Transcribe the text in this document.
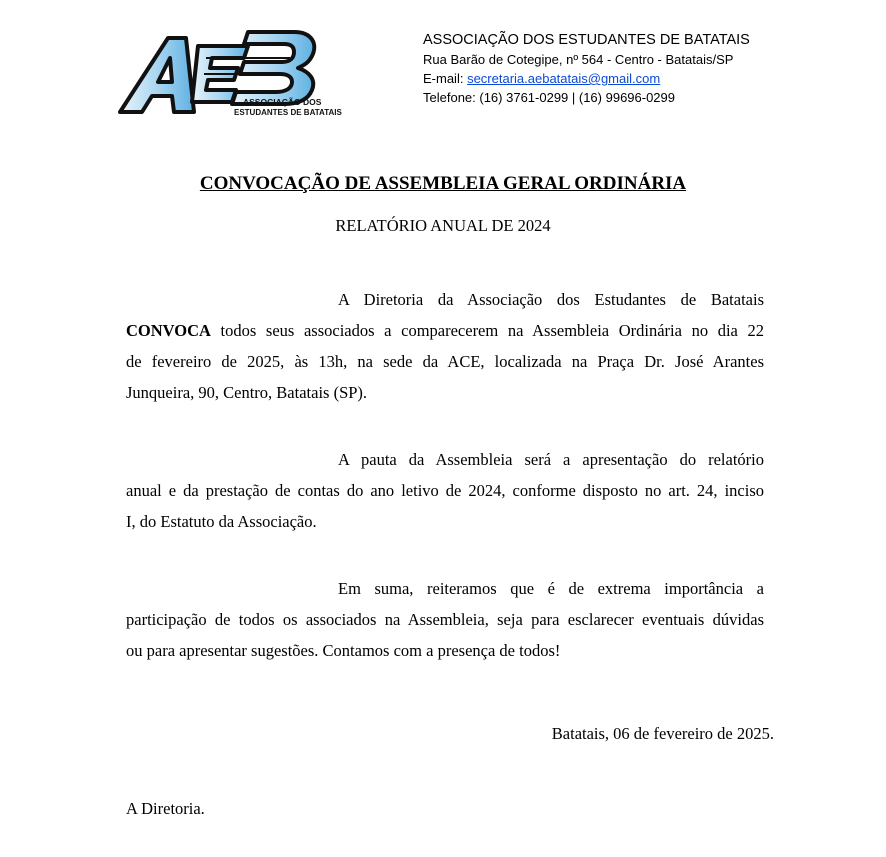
ASSOCIAÇÃO DOS
ESTUDANTES DE BATATAIS
ASSOCIAÇÃO DOS ESTUDANTES DE BATATAIS
Rua Barão de Cotegipe, nº 564 - Centro - Batatais/SP
E-mail: secretaria.aebatatais@gmail.com
Telefone: (16) 3761-0299 | (16) 99696-0299
CONVOCAÇÃO DE ASSEMBLEIA GERAL ORDINÁRIA
RELATÓRIO ANUAL DE 2024
A Diretoria da Associação dos Estudantes de Batatais
CONVOCA todos seus associados a comparecerem na Assembleia Ordinária no dia 22
de fevereiro de 2025, às 13h, na sede da ACE, localizada na Praça Dr. José Arantes
Junqueira, 90, Centro, Batatais (SP).
A pauta da Assembleia será a apresentação do relatório
anual e da prestação de contas do ano letivo de 2024, conforme disposto no art. 24, inciso
I, do Estatuto da Associação.
Em suma, reiteramos que é de extrema importância a
participação de todos os associados na Assembleia, seja para esclarecer eventuais dúvidas
ou para apresentar sugestões. Contamos com a presença de todos!
Batatais, 06 de fevereiro de 2025.
A Diretoria.
